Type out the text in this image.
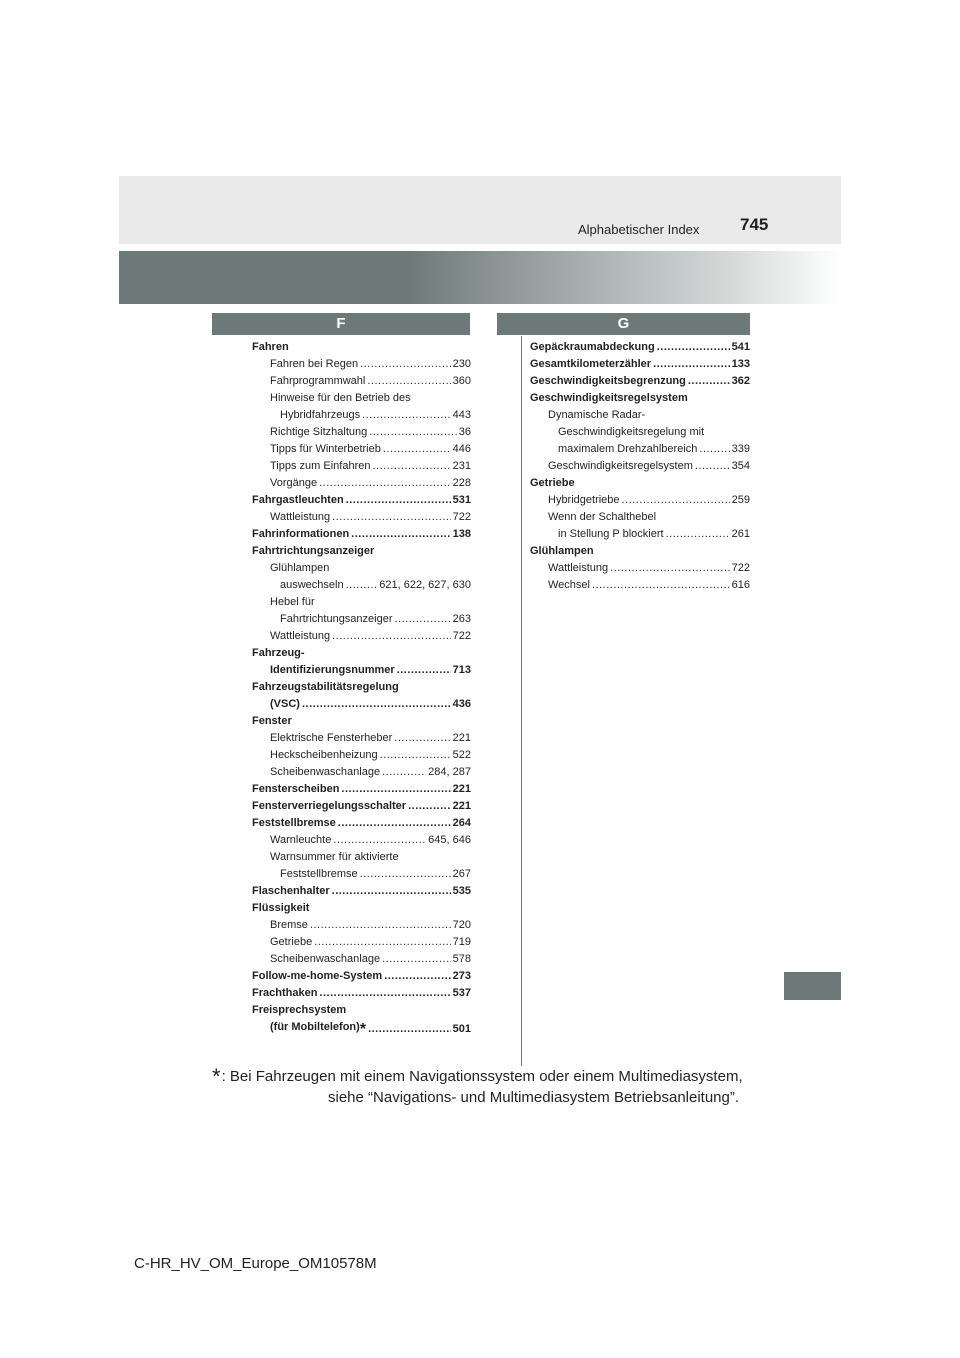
Alphabetischer Index 745
F	G
Fahren
Fahren bei Regen .....	230
Fahrprogrammwahl .....	360
Hinweise für den Betrieb des
Hybridfahrzeugs .....	443
Richtige Sitzhaltung .....	36
Tipps für Winterbetrieb .....	446
Tipps zum Einfahren .....	231
Vorgänge .....	228
Fahrgastleuchten .....	531
Wattleistung .....	722
Fahrinformationen .....	138
Fahrtrichtungsanzeiger
Glühlampen
auswechseln .....	621, 622, 627, 630
Hebel für
Fahrtrichtungsanzeiger .....	263
Wattleistung .....	722
Fahrzeug-
Identifizierungsnummer .....	713
Fahrzeugstabilitätsregelung
(VSC) .....	436
Fenster
Elektrische Fensterheber .....	221
Heckscheibenheizung .....	522
Scheibenwaschanlage .....	284, 287
Fensterscheiben .....	221
Fensterverriegelungsschalter .....	221
Feststellbremse .....	264
Warnleuchte .....	645, 646
Warnsummer für aktivierte
Feststellbremse .....	267
Flaschenhalter .....	535
Flüssigkeit
Bremse .....	720
Getriebe .....	719
Scheibenwaschanlage .....	578
Follow-me-home-System .....	273
Frachthaken .....	537
Freisprechsystem
(für Mobiltelefon)* .....	501
Gepäckraumabdeckung .....	541
Gesamtkilometerzähler .....	133
Geschwindigkeitsbegrenzung .....	362
Geschwindigkeitsregelsystem
Dynamische Radar-
Geschwindigkeitsregelung mit
maximalem Drehzahlbereich .....	339
Geschwindigkeitsregelsystem .....	354
Getriebe
Hybridgetriebe .....	259
Wenn der Schalthebel
in Stellung P blockiert .....	261
Glühlampen
Wattleistung .....	722
Wechsel .....	616
*: Bei Fahrzeugen mit einem Navigationssystem oder einem Multimediasystem,
siehe “Navigations- und Multimediasystem Betriebsanleitung”.
C-HR_HV_OM_Europe_OM10578M
